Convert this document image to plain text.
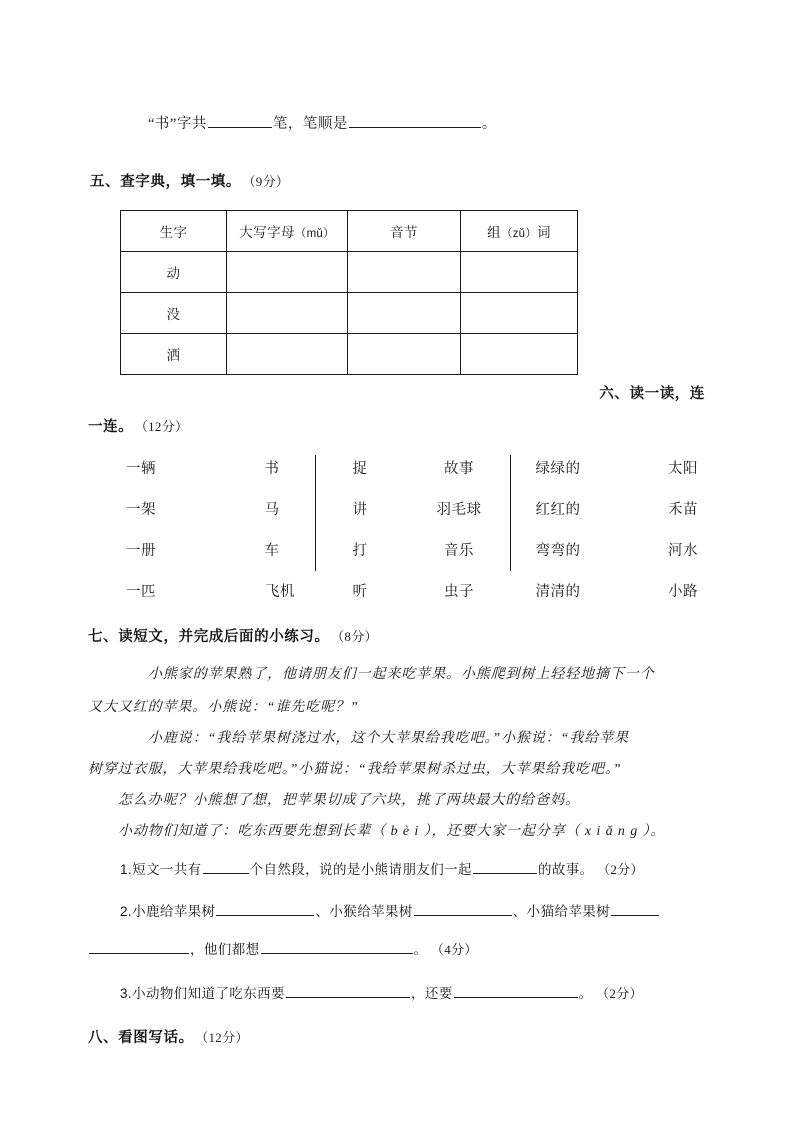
“书”字共	笔，笔顺是	。
五、查字典，填一填。 （9分）
生字	大写字母（mǔ）	音节	组（zǔ）词
动			
没			
洒			
六、读一读，连
一连。 （12分）
一辆	书	捉	故事	绿绿的	太阳
一架	马	讲	羽毛球	红红的	禾苗
一册	车	打	音乐	弯弯的	河水
一匹	飞机	听	虫子	清清的	小路
七、读短文，并完成后面的小练习。 （8分）
小熊家的苹果熟了，他请朋友们一起来吃苹果。小熊爬到树上轻轻地摘下一个
又大又红的苹果。小熊说：“谁先吃呢？”
小鹿说：“我给苹果树浇过水，这个大苹果给我吃吧。”小猴说：“我给苹果
树穿过衣服，大苹果给我吃吧。”小猫说：“我给苹果树杀过虫，大苹果给我吃吧。”
怎么办呢？小熊想了想，把苹果切成了六块，挑了两块最大的给爸妈。
小动物们知道了：吃东西要先想到长辈（ b è i ），还要大家一起分享（ x i ǎ n g ）。
1.短文一共有	个自然段，说的是小熊请朋友们一起	的故事。 （2分）
2.小鹿给苹果树	、小猴给苹果树	、小猫给苹果树
，他们都想	。 （4分）
3.小动物们知道了吃东西要	，还要	。 （2分）
八、看图写话。 （12分）
